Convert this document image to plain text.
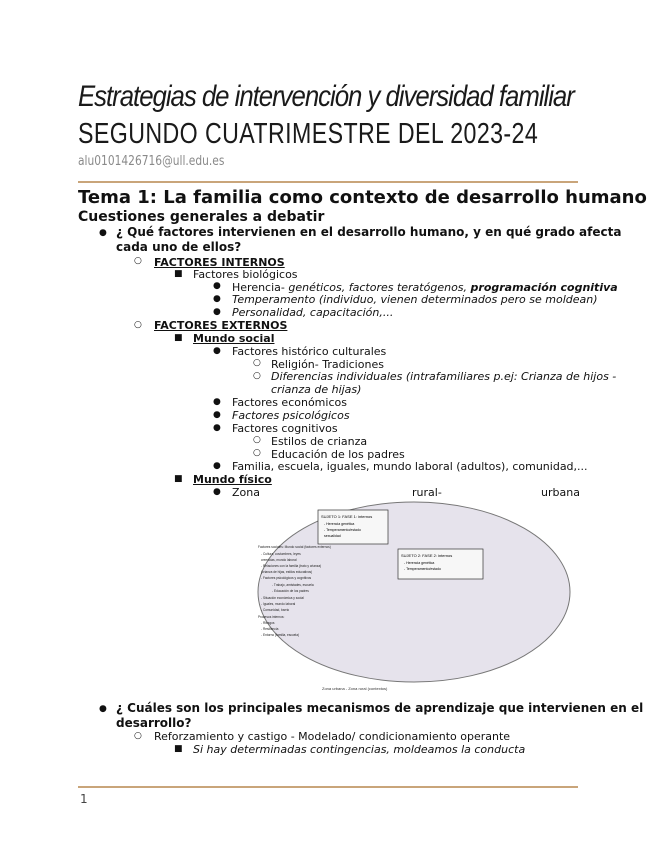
Estrategias de intervención y diversidad familiar
SEGUNDO CUATRIMESTRE DEL 2023-24
alu0101426716@ull.edu.es
Tema 1: La familia como contexto de desarrollo humano
Cuestiones generales a debatir
● ¿ Qué factores intervienen en el desarrollo humano, y en qué grado afecta
cada uno de ellos?
○ FACTORES INTERNOS
■ Factores biológicos
● Herencia- genéticos, factores teratógenos, programación cognitiva
● Temperamento (individuo, vienen determinados pero se moldean)
● Personalidad, capacitación,...
○ FACTORES EXTERNOS
■ Mundo social
● Factores histórico culturales
○ Religión- Tradiciones
○ Diferencias individuales (intrafamiliares p.ej: Crianza de hijos -
crianza de hijas)
● Factores económicos
● Factores psicológicos
● Factores cognitivos
○ Estilos de crianza
○ Educación de los padres
● Familia, escuela, iguales, mundo laboral (adultos), comunidad,...
■ Mundo físico
● Zona	rural-	urbana
SUJETO 1: FASE 1: internos
- Herencia genética
- Temperamento/estado
sexualidad
SUJETO 2: FASE 2: internos
- Herencia genética
- Temperamento/estado
Factores sociales: Mundo social (factores externos)
- Cultura, costumbres, leyes
creencias, mundo laboral
- Relaciones con la familia (trato y crianza)
(crianza de hijas, estilos educativos)
- Factores psicológicos y cognitivos
- Trabajo, amistades, escuela
- Educación de los padres
- Situación económica y social
- Iguales, mundo laboral
- Comunidad, barrio
Procesos internos:
- Riesgos
- Resiliencia
- Entorno (familia, escuela)
Zona urbana - Zona rural (contextos)
● ¿ Cuáles son los principales mecanismos de aprendizaje que intervienen en el
desarrollo?
○ Reforzamiento y castigo - Modelado/ condicionamiento operante
■ Si hay determinadas contingencias, moldeamos la conducta
1
